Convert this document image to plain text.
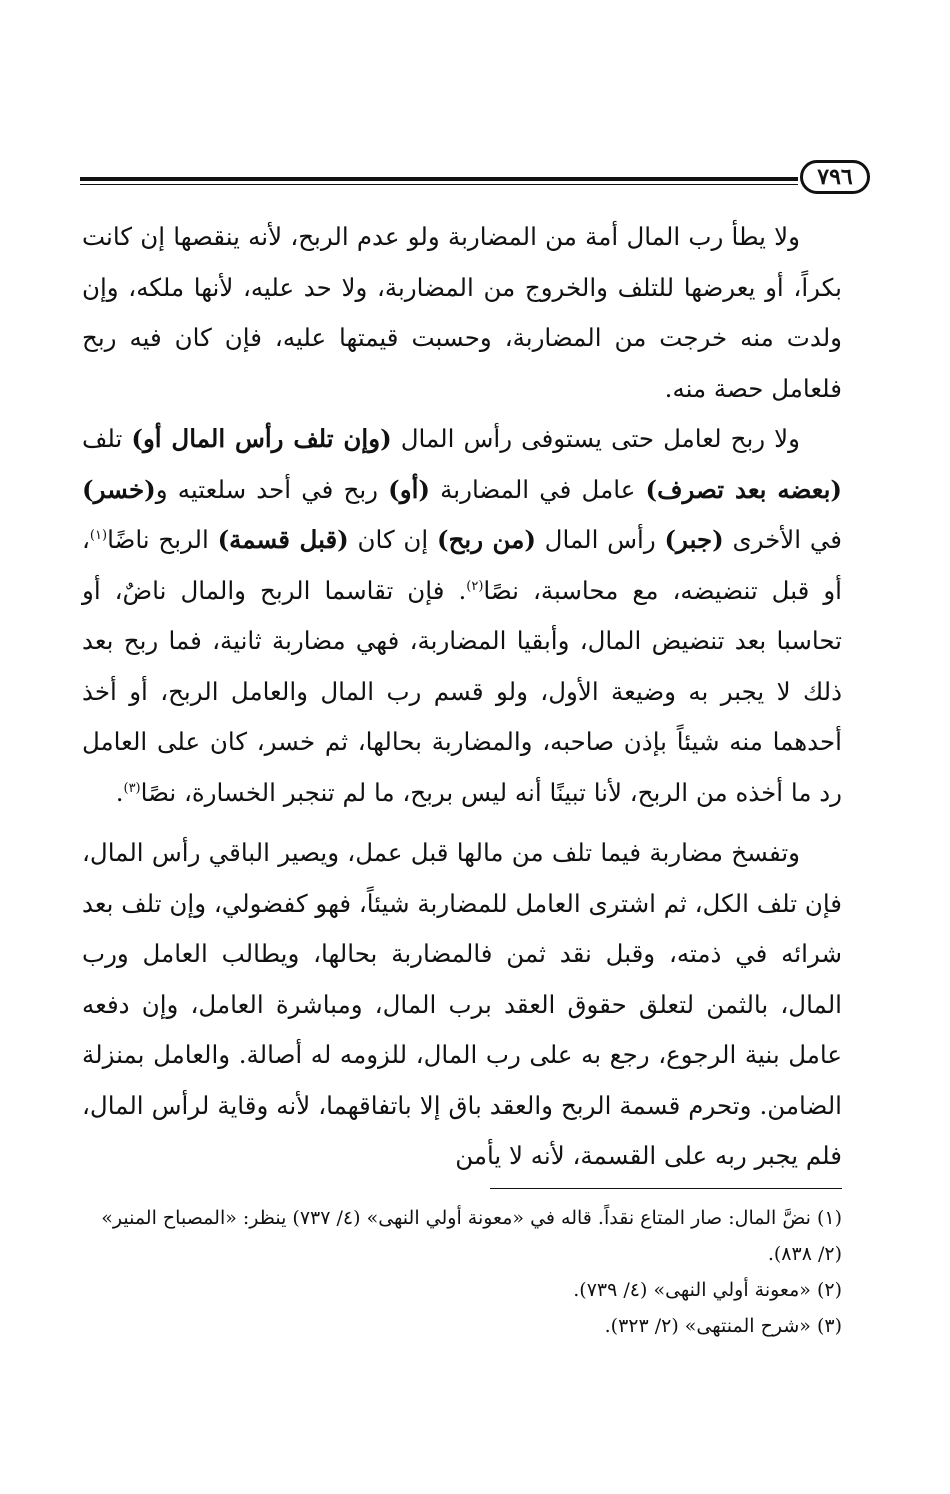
٧٩٦

ولا يطأ رب المال أمة من المضاربة ولو عدم الربح، لأنه ينقصها إن كانت بكراً، أو يعرضها للتلف والخروج من المضاربة، ولا حد عليه، لأنها ملكه، وإن ولدت منه خرجت من المضاربة، وحسبت قيمتها عليه، فإن كان فيه ربح فلعامل حصة منه.

ولا ربح لعامل حتى يستوفى رأس المال (وإن تلف رأس المال أو) تلف (بعضه بعد تصرف) عامل في المضاربة (أو) ربح في أحد سلعتيه و(خسر) في الأخرى (جبر) رأس المال (من ربح) إن كان (قبل قسمة) الربح ناضًا$^{(١)}$، أو قبل تنضيضه، مع محاسبة، نصًا$^{(٢)}$. فإن تقاسما الربح والمال ناضٌ، أو تحاسبا بعد تنضيض المال، وأبقيا المضاربة، فهي مضاربة ثانية، فما ربح بعد ذلك لا يجبر به وضيعة الأول، ولو قسم رب المال والعامل الربح، أو أخذ أحدهما منه شيئاً بإذن صاحبه، والمضاربة بحالها، ثم خسر، كان على العامل رد ما أخذه من الربح، لأنا تبينًا أنه ليس بربح، ما لم تنجبر الخسارة، نصًا$^{(٣)}$.

وتفسخ مضاربة فيما تلف من مالها قبل عمل، ويصير الباقي رأس المال، فإن تلف الكل، ثم اشترى العامل للمضاربة شيئاً، فهو كفضولي، وإن تلف بعد شرائه في ذمته، وقبل نقد ثمن فالمضاربة بحالها، ويطالب العامل ورب المال، بالثمن لتعلق حقوق العقد برب المال، ومباشرة العامل، وإن دفعه عامل بنية الرجوع، رجع به على رب المال، للزومه له أصالة. والعامل بمنزلة الضامن. وتحرم قسمة الربح والعقد باق إلا باتفاقهما، لأنه وقاية لرأس المال، فلم يجبر ربه على القسمة، لأنه لا يأمن

(١) نضَّ المال: صار المتاع نقداً. قاله في «معونة أولي النهى» (٤/ ٧٣٧) ينظر: «المصباح المنير» (٢/ ٨٣٨).

(٢) «معونة أولي النهى» (٤/ ٧٣٩).

(٣) «شرح المنتهى» (٢/ ٣٢٣).
